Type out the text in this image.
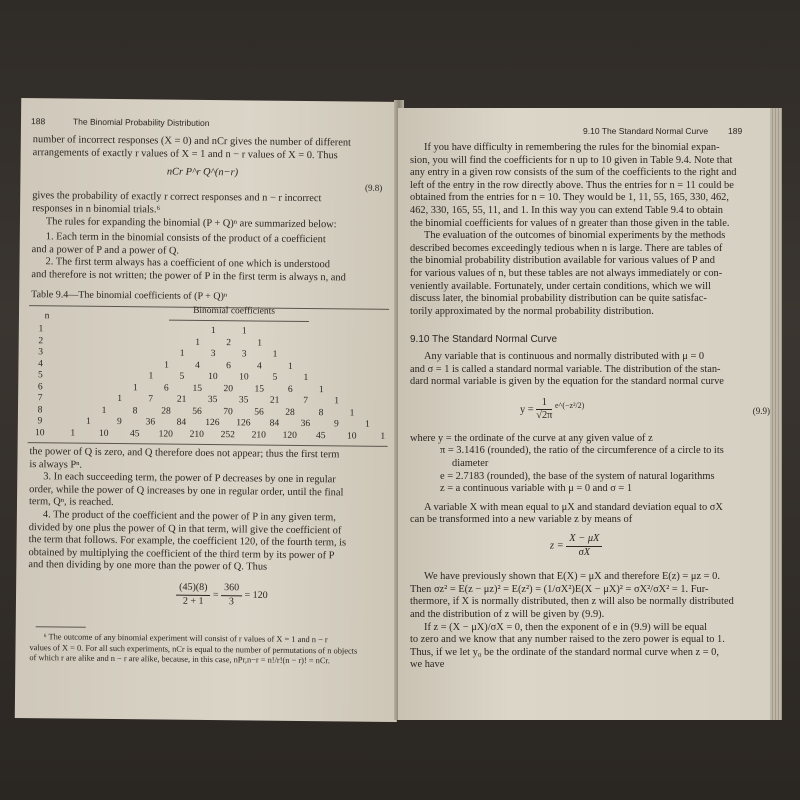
188	The Binomial Probability Distribution

number of incorrect responses (X = 0) and nCr gives the number of different

arrangements of exactly r values of X = 1 and n − r values of X = 0. Thus

nCr P^r Q^(n−r)

(9.8)

gives the probability of exactly r correct responses and n − r incorrect

responses in n binomial trials.⁶

The rules for expanding the binomial (P + Q)ⁿ are summarized below:

1. Each term in the binomial consists of the product of a coefficient

and a power of P and a power of Q.

2. The first term always has a coefficient of one which is understood

and therefore is not written; the power of P in the first term is always n, and

Table 9.4—The binomial coefficients of (P + Q)ⁿ

n	Binomial coefficients
1	1	1
2	1	2	1
3	1	3	3	1
4	1	4	6	4	1
5	1	5	10 10	5	1
6	1	6	15 20 15	6	1
7	1	7	21 35 35 21	7	1
8	1	8	28 56 70 56 28	8	1
9	1	9	36 84 126 126 84 36	9	1
10	1	10 45 120 210 252 210 120 45 10	1

the power of Q is zero, and Q therefore does not appear; thus the first term

is always Pⁿ.

3. In each succeeding term, the power of P decreases by one in regular

order, while the power of Q increases by one in regular order, until the final

term, Qⁿ, is reached.

4. The product of the coefficient and the power of P in any given term,

divided by one plus the power of Q in that term, will give the coefficient of

the term that follows. For example, the coefficient 120, of the fourth term, is

obtained by multiplying the coefficient of the third term by its power of P

and then dividing by one more than the power of Q. Thus

$\frac{(45)(8)}{2 + 1} = \frac{360}{3} = 120$

⁶ The outcome of any binomial experiment will consist of r values of X = 1 and n − r

values of X = 0. For all such experiments, nCr is equal to the number of permutations of n objects

of which r are alike and n − r are alike, because, in this case, nPr,n−r = n!/r!(n − r)! = nCr.

9.10 The Standard Normal Curve 189

If you have difficulty in remembering the rules for the binomial expan-

sion, you will find the coefficients for n up to 10 given in Table 9.4. Note that

any entry in a given row consists of the sum of the coefficients to the right and

left of the entry in the row directly above. Thus the entries for n = 11 could be

obtained from the entries for n = 10. They would be 1, 11, 55, 165, 330, 462,

462, 330, 165, 55, 11, and 1. In this way you can extend Table 9.4 to obtain

the binomial coefficients for values of n greater than those given in the table.

The evaluation of the outcomes of binomial experiments by the methods

described becomes exceedingly tedious when n is large. There are tables of

the binomial probability distribution available for various values of P and

for various values of n, but these tables are not always immediately or con-

veniently available. Fortunately, under certain conditions, which we will

discuss later, the binomial probability distribution can be quite satisfac-

torily approximated by the normal probability distribution.

9.10 The Standard Normal Curve

Any variable that is continuous and normally distributed with μ = 0

and σ = 1 is called a standard normal variable. The distribution of the stan-

dard normal variable is given by the equation for the standard normal curve

$y = \frac{1}{√2\pi} ^{e\^{}(-z^2/2)}$
(9.9)

where y = the ordinate of the curve at any given value of z

π = 3.1416 (rounded), the ratio of the circumference of a circle to its

diameter

e = 2.7183 (rounded), the base of the system of natural logarithms

z = a continuous variable with μ = 0 and σ = 1

A variable X with mean equal to μX and standard deviation equal to σX

can be transformed into a new variable z by means of

$z = \frac{X - \mu X}{\sigma X}$

We have previously shown that E(X) = μX and therefore E(z) = μz = 0.

Then σz² = E(z − μz)² = E(z²) = (1/σX²)E(X − μX)² = σX²/σX² = 1. Fur-

thermore, if X is normally distributed, then z will also be normally distributed

and the distribution of z will be given by (9.9).

If z = (X − μX)/σX = 0, then the exponent of e in (9.9) will be equal

to zero and we know that any number raised to the zero power is equal to 1.

Thus, if we let y₀ be the ordinate of the standard normal curve when z = 0,

we have
